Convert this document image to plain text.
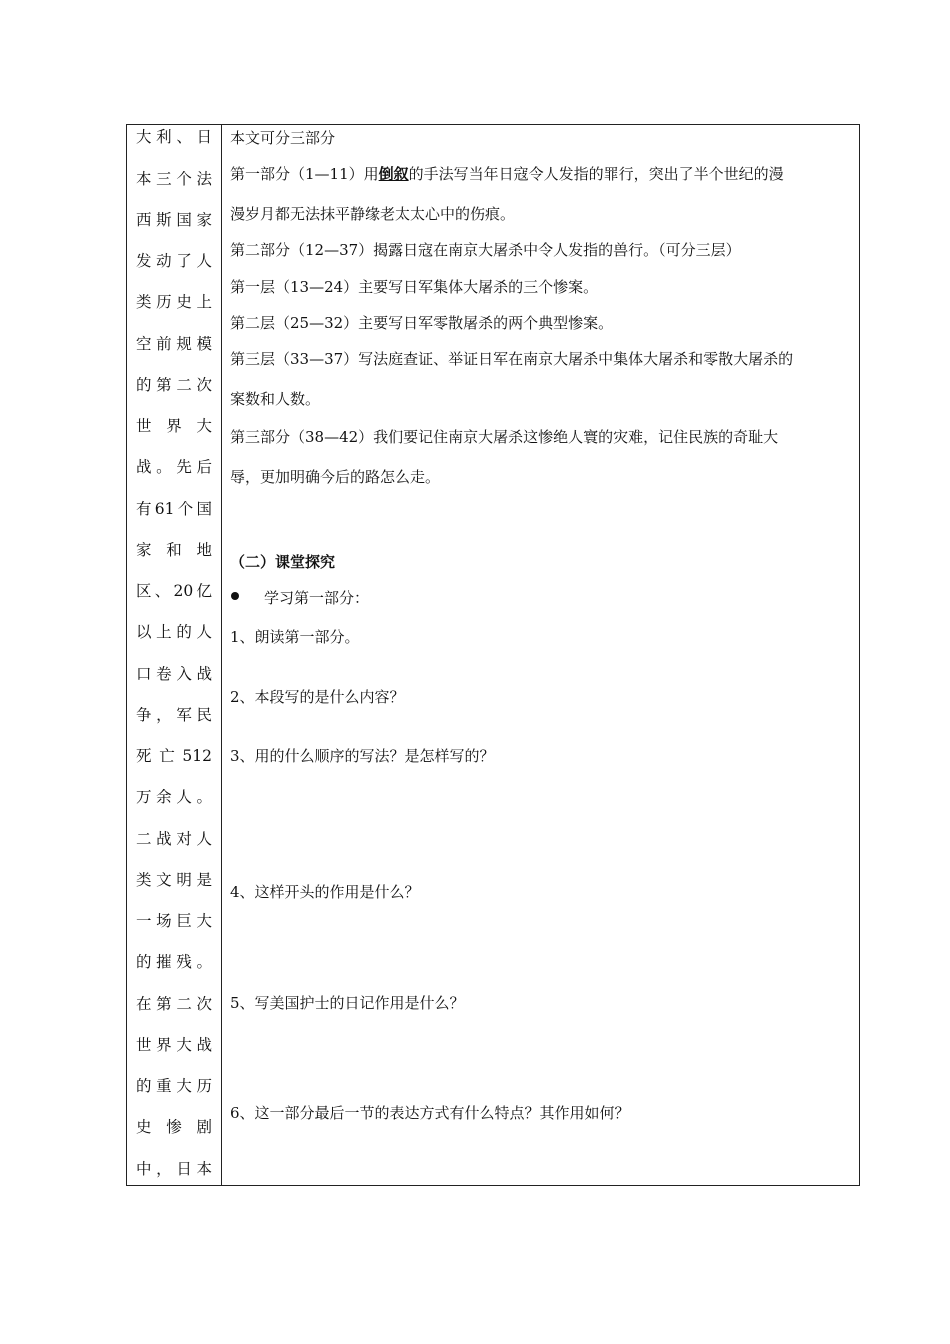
大利、日
本三个法
西斯国家
发动了人
类历史上
空前规模
的第二次
世 界 大
战。先后
有61个国
家 和 地
区、20亿
以上的人
口卷入战
争，军民
死 亡 512
万余人。
二战对人
类文明是
一场巨大
的摧残。
在第二次
世界大战
的重大历
史 惨 剧
中，日本
本文可分三部分
第一部分（1—11）用倒叙的手法写当年日寇令人发指的罪行，突出了半个世纪的漫
漫岁月都无法抹平静缘老太太心中的伤痕。
第二部分（12—37）揭露日寇在南京大屠杀中令人发指的兽行。（可分三层）
第一层（13—24）主要写日军集体大屠杀的三个惨案。
第二层（25—32）主要写日军零散屠杀的两个典型惨案。
第三层（33—37）写法庭查证、举证日军在南京大屠杀中集体大屠杀和零散大屠杀的
案数和人数。
第三部分（38—42）我们要记住南京大屠杀这惨绝人寰的灾难，记住民族的奇耻大
辱，更加明确今后的路怎么走。
（二）课堂探究
学习第一部分：
1、朗读第一部分。
2、本段写的是什么内容？
3、用的什么顺序的写法？是怎样写的？
4、这样开头的作用是什么？
5、写美国护士的日记作用是什么？
6、这一部分最后一节的表达方式有什么特点？其作用如何？
